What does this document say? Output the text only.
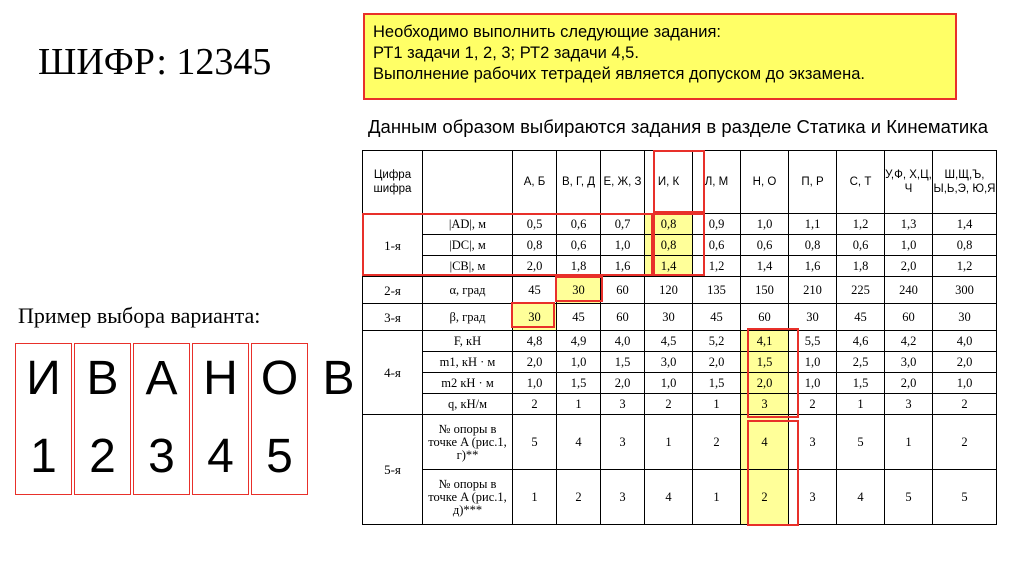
ШИФР: 12345
Необходимо выполнить следующие задания:
РТ1 задачи 1, 2, 3; РТ2 задачи 4,5.
Выполнение рабочих тетрадей является допуском до экзамена.
Данным образом выбираются задания в разделе Статика и Кинематика
Пример выбора варианта:
И
1
В
2
А
3
Н
4
О
5
В
Цифра шифра		А, Б	В, Г, Д	Е, Ж, З	И, К	Л, М	Н, О	П, Р	С, Т	У,Ф, Х,Ц, Ч	Ш,Щ,Ъ, Ы,Ь,Э, Ю,Я
1-я	|AD|, м	0,5	0,6	0,7	0,8	0,9	1,0	1,1	1,2	1,3	1,4
	|DC|, м	0,8	0,6	1,0	0,8	0,6	0,6	0,8	0,6	1,0	0,8
	|CB|, м	2,0	1,8	1,6	1,4	1,2	1,4	1,6	1,8	2,0	1,2
2-я	α, град	45	30	60	120	135	150	210	225	240	300
3-я	β, град	30	45	60	30	45	60	30	45	60	30
4-я	F, кН	4,8	4,9	4,0	4,5	5,2	4,1	5,5	4,6	4,2	4,0
	m1, кН · м	2,0	1,0	1,5	3,0	2,0	1,5	1,0	2,5	3,0	2,0
	m2 кН · м	1,0	1,5	2,0	1,0	1,5	2,0	1,0	1,5	2,0	1,0
	q, кН/м	2	1	3	2	1	3	2	1	3	2
5-я	№ опоры в точке A (рис.1, г)**	5	4	3	1	2	4	3	5	1	2
	№ опоры в точке A (рис.1, д)***	1	2	3	4	1	2	3	4	5	5
